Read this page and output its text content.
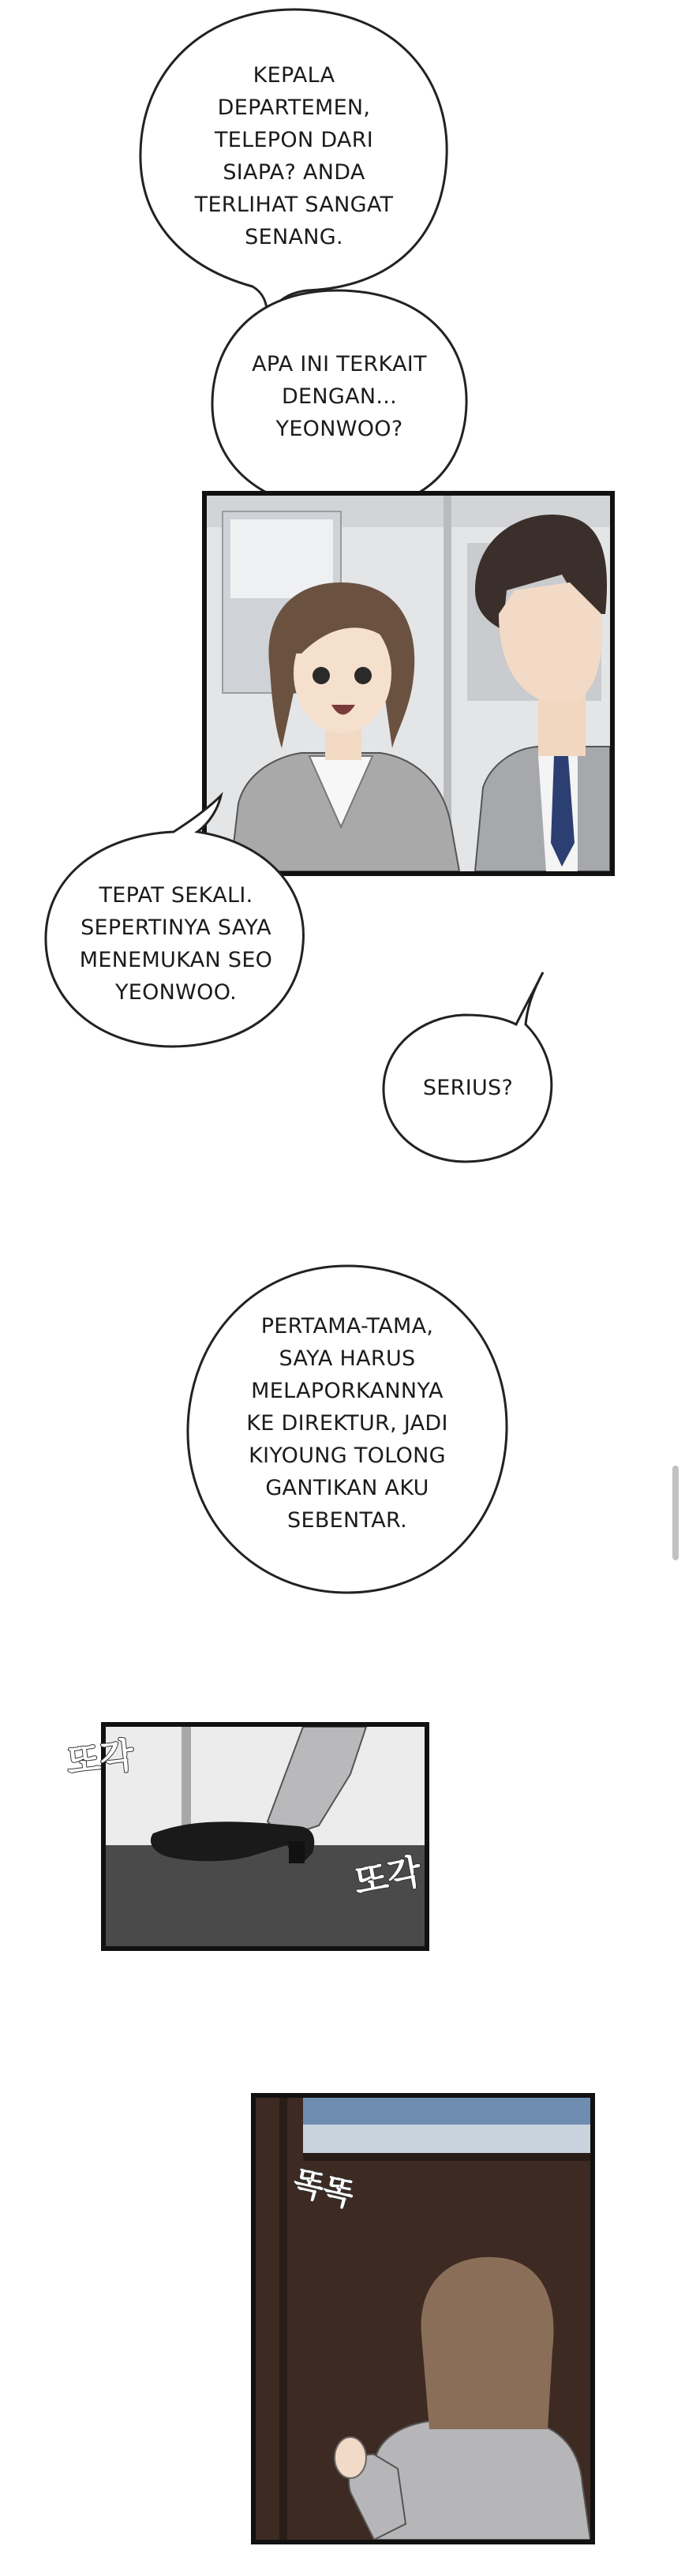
KEPALA
DEPARTEMEN,
TELEPON DARI
SIAPA? ANDA
TERLIHAT SANGAT
SENANG.
APA INI TERKAIT
DENGAN...
YEONWOO?
TEPAT SEKALI.
SEPERTINYA SAYA
MENEMUKAN SEO
YEONWOO.
SERIUS?
PERTAMA-TAMA,
SAYA HARUS
MELAPORKANNYA
KE DIREKTUR, JADI
KIYOUNG TOLONG
GANTIKAN AKU
SEBENTAR.
또각
또각
똑똑
